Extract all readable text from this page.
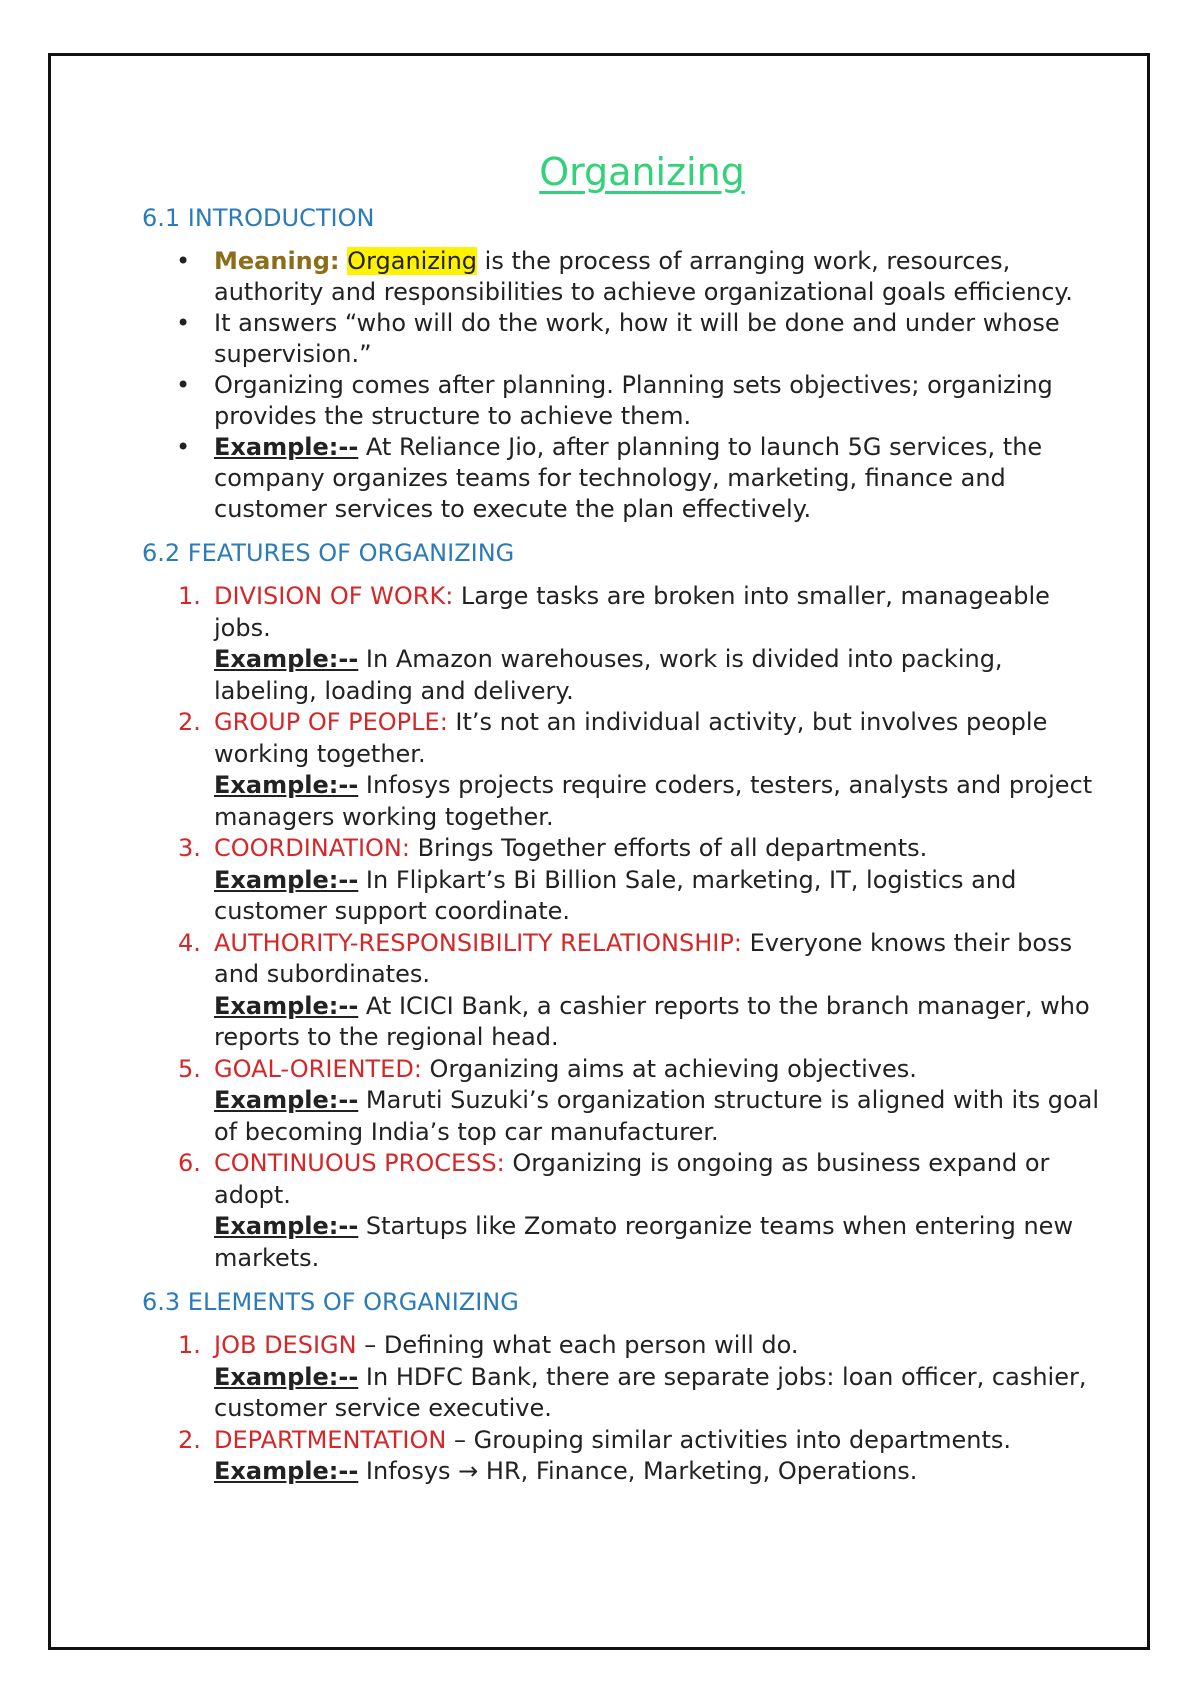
Organizing
6.1 INTRODUCTION
• Meaning: Organizing is the process of arranging work, resources, authority and responsibilities to achieve organizational goals efficiency.
• It answers “who will do the work, how it will be done and under whose supervision.”
• Organizing comes after planning. Planning sets objectives; organizing provides the structure to achieve them.
• Example:-- At Reliance Jio, after planning to launch 5G services, the company organizes teams for technology, marketing, finance and customer services to execute the plan effectively.
6.2 FEATURES OF ORGANIZING
1. DIVISION OF WORK: Large tasks are broken into smaller, manageable jobs.
Example:-- In Amazon warehouses, work is divided into packing, labeling, loading and delivery.
2. GROUP OF PEOPLE: It’s not an individual activity, but involves people working together.
Example:-- Infosys projects require coders, testers, analysts and project managers working together.
3. COORDINATION: Brings Together efforts of all departments.
Example:-- In Flipkart’s Bi Billion Sale, marketing, IT, logistics and customer support coordinate.
4. AUTHORITY-RESPONSIBILITY RELATIONSHIP: Everyone knows their boss and subordinates.
Example:-- At ICICI Bank, a cashier reports to the branch manager, who reports to the regional head.
5. GOAL-ORIENTED: Organizing aims at achieving objectives.
Example:-- Maruti Suzuki’s organization structure is aligned with its goal of becoming India’s top car manufacturer.
6. CONTINUOUS PROCESS: Organizing is ongoing as business expand or adopt.
Example:-- Startups like Zomato reorganize teams when entering new markets.
6.3 ELEMENTS OF ORGANIZING
1. JOB DESIGN – Defining what each person will do.
Example:-- In HDFC Bank, there are separate jobs: loan officer, cashier, customer service executive.
2. DEPARTMENTATION – Grouping similar activities into departments.
Example:-- Infosys → HR, Finance, Marketing, Operations.
